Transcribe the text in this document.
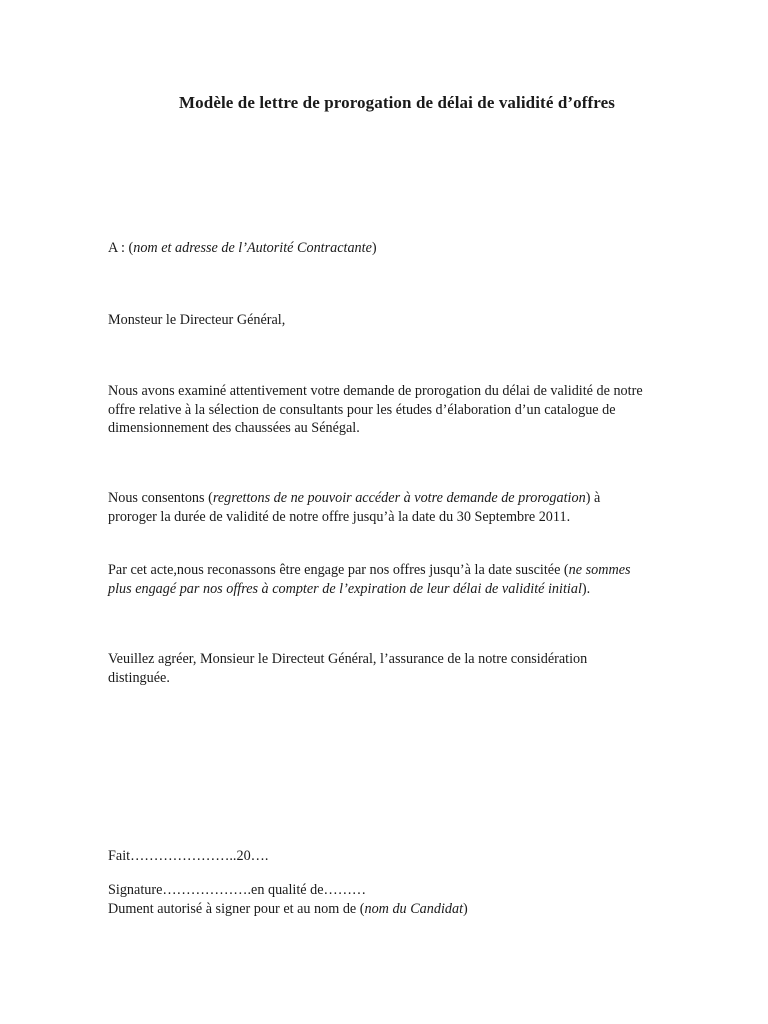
Modèle de lettre de prorogation de délai de validité d’offres
A : (nom et adresse de l’Autorité Contractante)
Monsteur le Directeur Général,
Nous avons examiné attentivement votre demande de prorogation du délai de validité de notre
offre relative à la sélection de consultants pour les études d’élaboration d’un catalogue de
dimensionnement des chaussées au Sénégal.
Nous consentons (regrettons de ne pouvoir accéder à votre demande de prorogation) à
proroger la durée de validité de notre offre jusqu’à la date du 30 Septembre 2011.
Par cet acte,nous reconassons être engage par nos offres jusqu’à la date suscitée (ne sommes
plus engagé par nos offres à compter de l’expiration de leur délai de validité initial).
Veuillez agréer, Monsieur le Directeut Général, l’assurance de la notre considération
distinguée.
Fait…………………..20….
Signature……………….en qualité de………
Dument autorisé à signer pour et au nom de (nom du Candidat)
